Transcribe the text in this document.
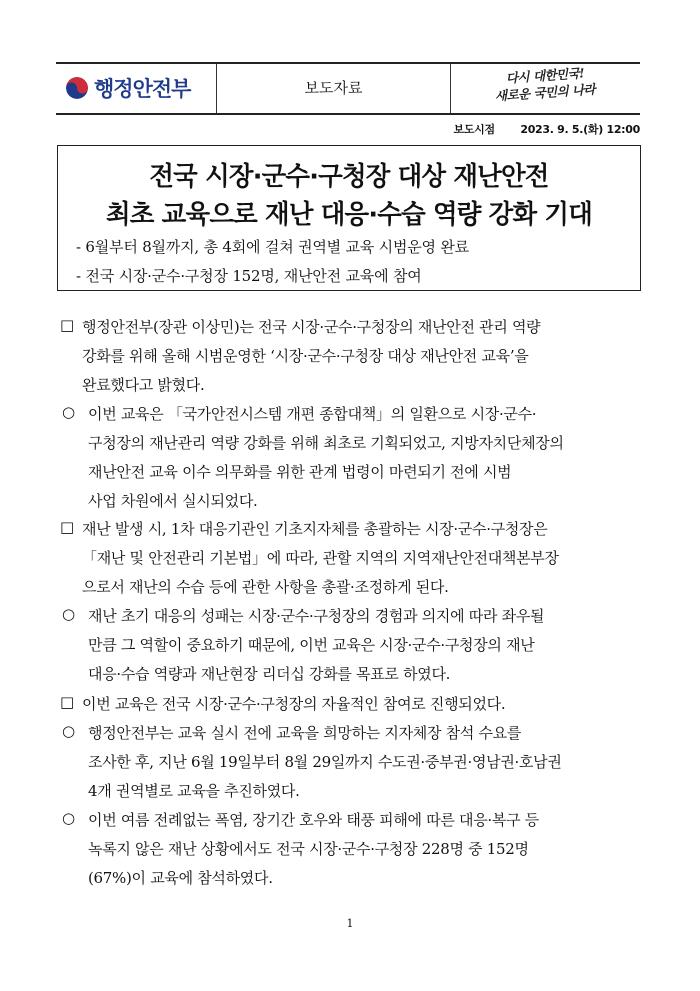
행정안전부	보도자료
다시 대한민국!
새로운 국민의 나라
보도시점 2023. 9. 5.(화) 12:00
전국 시장·군수·구청장 대상 재난안전
최초 교육으로 재난 대응·수습 역량 강화 기대
- 6월부터 8월까지, 총 4회에 걸쳐 권역별 교육 시범운영 완료
- 전국 시장·군수·구청장 152명, 재난안전 교육에 참여
□ 행정안전부(장관 이상민)는 전국 시장·군수·구청장의 재난안전 관리 역량
강화를 위해 올해 시범운영한 ‘시장·군수·구청장 대상 재난안전 교육’을
완료했다고 밝혔다.
○ 이번 교육은 「국가안전시스템 개편 종합대책」의 일환으로 시장·군수·
구청장의 재난관리 역량 강화를 위해 최초로 기획되었고, 지방자치단체장의
재난안전 교육 이수 의무화를 위한 관계 법령이 마련되기 전에 시범
사업 차원에서 실시되었다.
□ 재난 발생 시, 1차 대응기관인 기초지자체를 총괄하는 시장·군수·구청장은
「재난 및 안전관리 기본법」에 따라, 관할 지역의 지역재난안전대책본부장
으로서 재난의 수습 등에 관한 사항을 총괄·조정하게 된다.
○ 재난 초기 대응의 성패는 시장·군수·구청장의 경험과 의지에 따라 좌우될
만큼 그 역할이 중요하기 때문에, 이번 교육은 시장·군수·구청장의 재난
대응·수습 역량과 재난현장 리더십 강화를 목표로 하였다.
□ 이번 교육은 전국 시장·군수·구청장의 자율적인 참여로 진행되었다.
○ 행정안전부는 교육 실시 전에 교육을 희망하는 지자체장 참석 수요를
조사한 후, 지난 6월 19일부터 8월 29일까지 수도권·중부권·영남권·호남권
4개 권역별로 교육을 추진하였다.
○ 이번 여름 전례없는 폭염, 장기간 호우와 태풍 피해에 따른 대응·복구 등
녹록지 않은 재난 상황에서도 전국 시장·군수·구청장 228명 중 152명
(67%)이 교육에 참석하였다.
1
